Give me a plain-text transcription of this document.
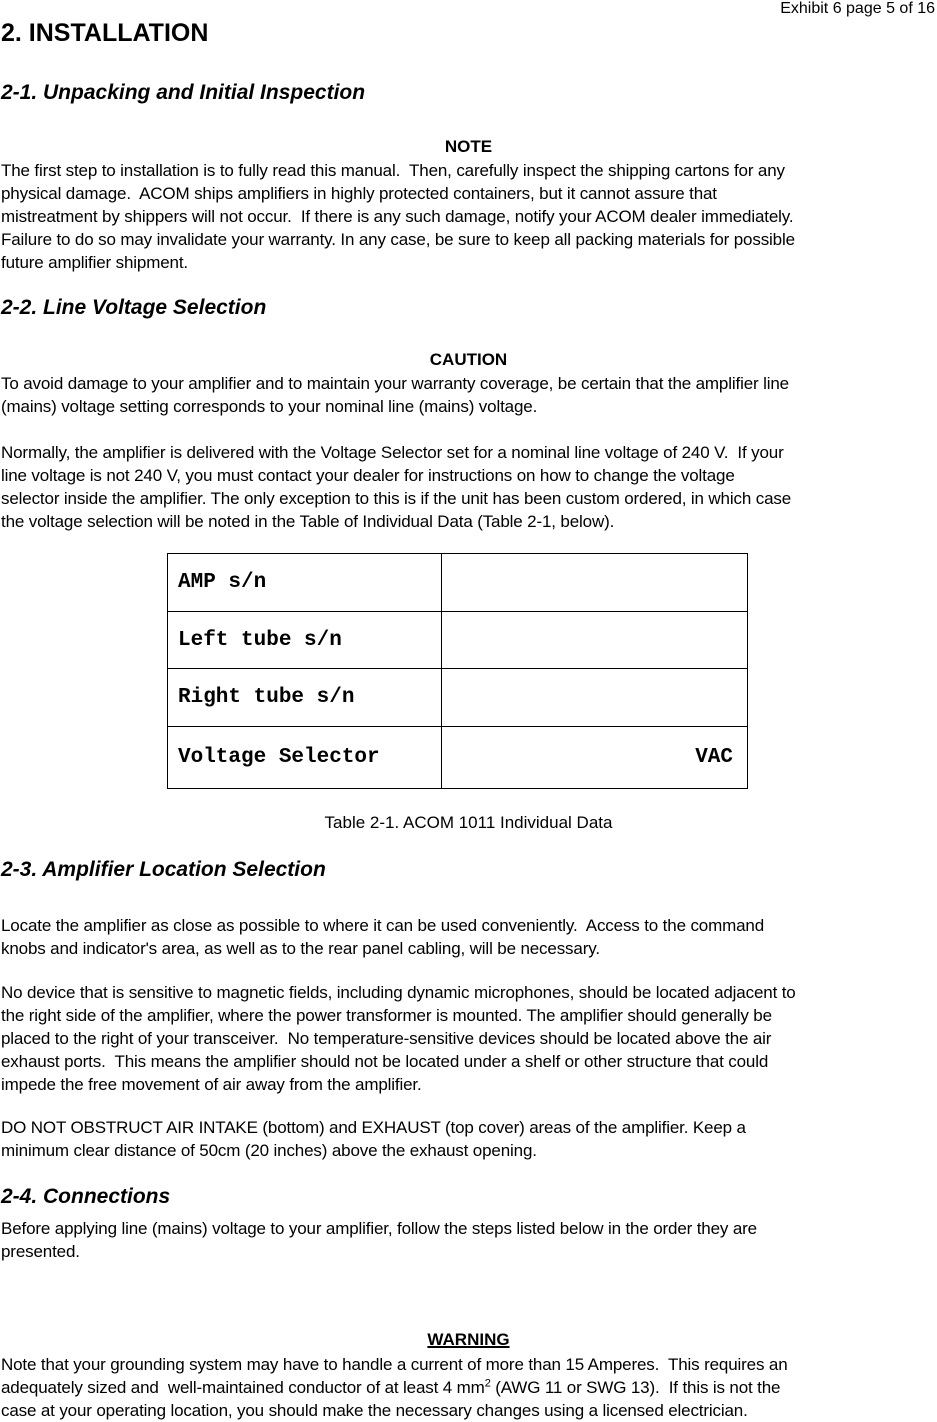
Exhibit 6 page 5 of 16
2. INSTALLATION
2-1. Unpacking and Initial Inspection
NOTE
The first step to installation is to fully read this manual.  Then, carefully inspect the shipping cartons for any
physical damage.  ACOM ships amplifiers in highly protected containers, but it cannot assure that
mistreatment by shippers will not occur.  If there is any such damage, notify your ACOM dealer immediately.
Failure to do so may invalidate your warranty. In any case, be sure to keep all packing materials for possible
future amplifier shipment.
2-2. Line Voltage Selection
CAUTION
To avoid damage to your amplifier and to maintain your warranty coverage, be certain that the amplifier line
(mains) voltage setting corresponds to your nominal line (mains) voltage.
Normally, the amplifier is delivered with the Voltage Selector set for a nominal line voltage of 240 V.  If your
line voltage is not 240 V, you must contact your dealer for instructions on how to change the voltage
selector inside the amplifier. The only exception to this is if the unit has been custom ordered, in which case
the voltage selection will be noted in the Table of Individual Data (Table 2-1, below).
AMP s/n	
Left tube s/n	
Right tube s/n	
Voltage Selector	VAC
Table 2-1. ACOM 1011 Individual Data
2-3. Amplifier Location Selection
Locate the amplifier as close as possible to where it can be used conveniently.  Access to the command
knobs and indicator's area, as well as to the rear panel cabling, will be necessary.
No device that is sensitive to magnetic fields, including dynamic microphones, should be located adjacent to
the right side of the amplifier, where the power transformer is mounted. The amplifier should generally be
placed to the right of your transceiver.  No temperature-sensitive devices should be located above the air
exhaust ports.  This means the amplifier should not be located under a shelf or other structure that could
impede the free movement of air away from the amplifier.
DO NOT OBSTRUCT AIR INTAKE (bottom) and EXHAUST (top cover) areas of the amplifier. Keep a
minimum clear distance of 50cm (20 inches) above the exhaust opening.
2-4. Connections
Before applying line (mains) voltage to your amplifier, follow the steps listed below in the order they are
presented.
WARNING
Note that your grounding system may have to handle a current of more than 15 Amperes.  This requires an
adequately sized and  well-maintained conductor of at least 4 $mm^2$ (AWG 11 or SWG 13).  If this is not the
case at your operating location, you should make the necessary changes using a licensed electrician.
